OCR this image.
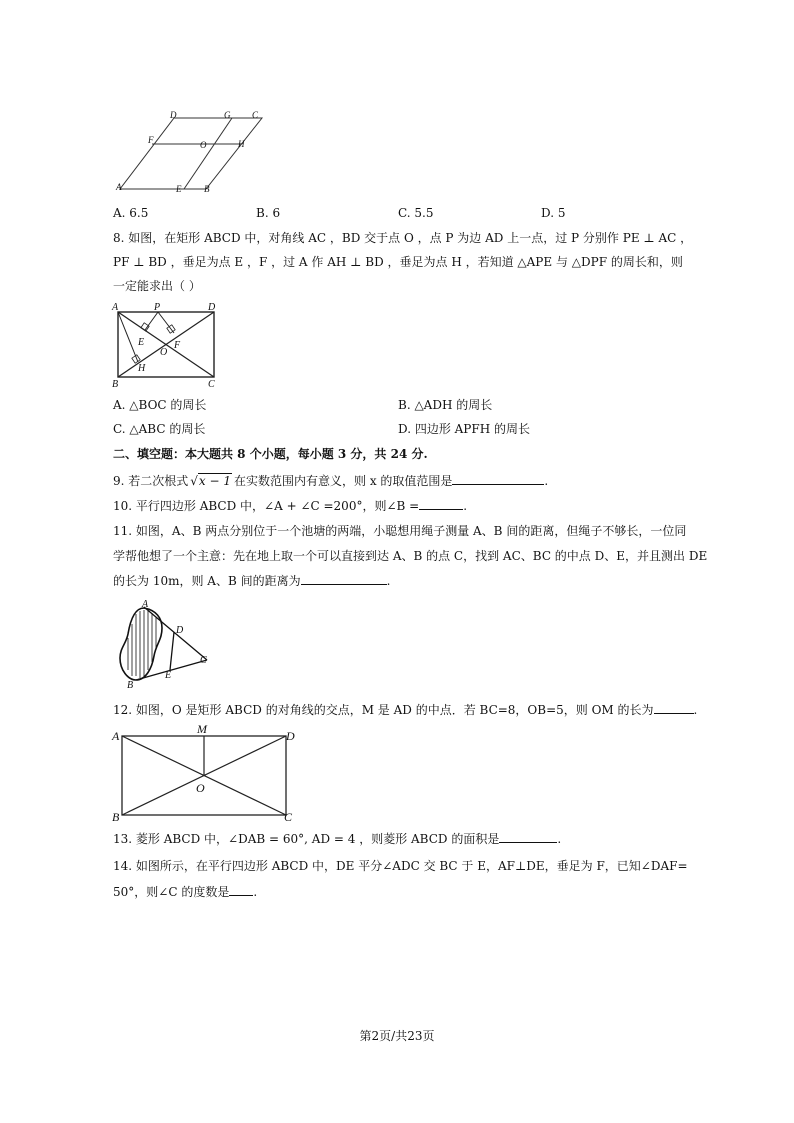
D	G C
F	O	H
A	E	B
A. 6.5	B. 6	C. 5.5	D. 5
8. 如图，在矩形 ABCD 中，对角线 AC ，BD 交于点 O ，点 P 为边 AD 上一点，过 P 分别作 PE ⊥ AC ，
PF ⊥ BD ，垂足为点 E ，F ，过 A 作 AH ⊥ BD ，垂足为点 H ，若知道 △APE 与 △DPF 的周长和，则
一定能求出（ ）
A	P	D
E	F
O
H
B	C
A. △BOC 的周长	B. △ADH 的周长
C. △ABC 的周长	D. 四边形 APFH 的周长
二、填空题：本大题共 8 个小题，每小题 3 分，共 24 分.
9. 若二次根式 √x − 1 在实数范围内有意义，则 x 的取值范围是	.
10. 平行四边形 ABCD 中，∠A + ∠C =200°，则∠B =	.
11. 如图，A、B 两点分别位于一个池塘的两端，小聪想用绳子测量 A、B 间的距离，但绳子不够长，一位同
学帮他想了一个主意：先在地上取一个可以直接到达 A、B 的点 C，找到 AC、BC 的中点 D、E，并且测出 DE
的长为 10m，则 A、B 间的距离为	.
A
D
C
E
B
12. 如图，O 是矩形 ABCD 的对角线的交点，M 是 AD 的中点．若 BC=8，OB=5，则 OM 的长为	.
A	M	D
O
B	C
13. 菱形 ABCD 中，∠DAB = 60°, AD = 4 ，则菱形 ABCD 的面积是	.
14. 如图所示，在平行四边形 ABCD 中，DE 平分∠ADC 交 BC 于 E，AF⊥DE，垂足为 F，已知∠DAF=
50°，则∠C 的度数是 .
第2页/共23页
